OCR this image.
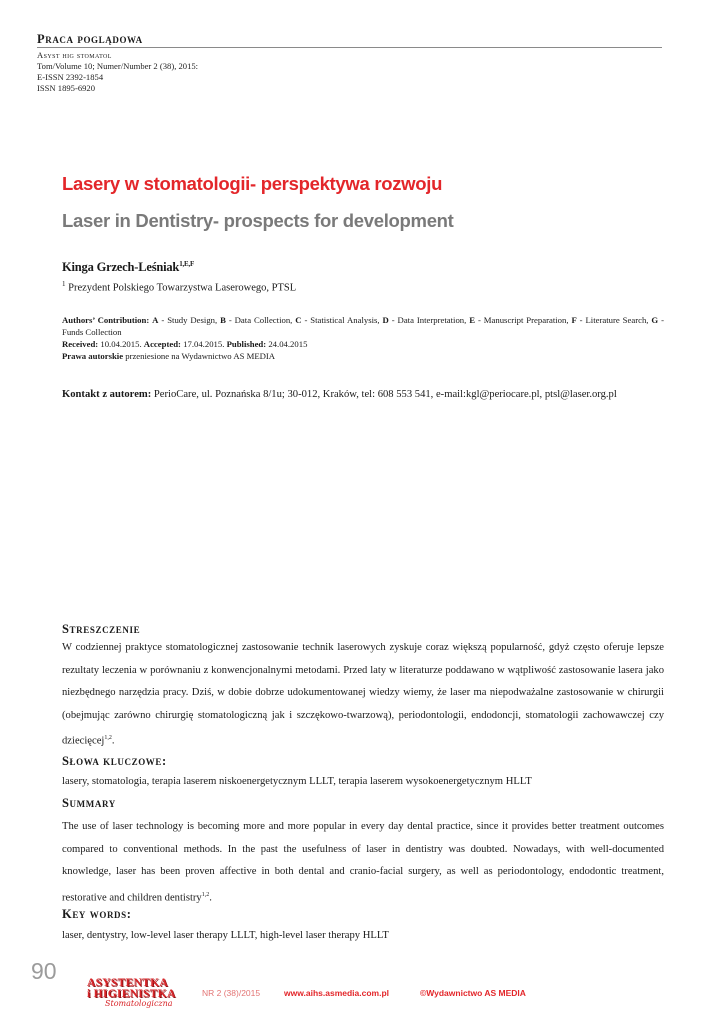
Praca poglądowa
Asyst hig stomatol
Tom/Volume 10; Numer/Number 2 (38), 2015:
E-ISSN 2392-1854
ISSN 1895-6920
Lasery w stomatologii- perspektywa rozwoju
Laser in Dentistry- prospects for development
Kinga Grzech-Leśniak$^{1,E,F}$
$^1$ Prezydent Polskiego Towarzystwa Laserowego, PTSL
Authors’ Contribution: A - Study Design, B - Data Collection, C - Statistical Analysis, D - Data Interpretation, E - Manuscript Preparation, F - Literature Search, G - Funds Collection
Received: 10.04.2015. Accepted: 17.04.2015. Published: 24.04.2015
Prawa autorskie przeniesione na Wydawnictwo AS MEDIA
Kontakt z autorem: PerioCare, ul. Poznańska 8/1u; 30-012, Kraków, tel: 608 553 541, e-mail:kgl@periocare.pl, ptsl@laser.org.pl
Streszczenie
W codziennej praktyce stomatologicznej zastosowanie technik laserowych zyskuje coraz większą popularność, gdyż często oferuje lepsze rezultaty leczenia w porównaniu z konwencjonalnymi metodami. Przed laty w literaturze poddawano w wątpliwość zastosowanie lasera jako niezbędnego narzędzia pracy. Dziś, w dobie dobrze udokumentowanej wiedzy wiemy, że laser ma niepodważalne zastosowanie w chirurgii (obejmując zarówno chirurgię stomatologiczną jak i szczękowo-twarzową), periodontologii, endodoncji, stomatologii zachowawczej czy dziecięcej$^{1,2}$.
Słowa kluczowe:
lasery, stomatologia, terapia laserem niskoenergetycznym LLLT, terapia laserem wysokoenergetycznym HLLT
Summary
The use of laser technology is becoming more and more popular in every day dental practice, since it provides better treatment outcomes compared to conventional methods. In the past the usefulness of laser in dentistry was doubted. Nowadays, with well-documented knowledge, laser has been proven affective in both dental and cranio-facial surgery, as well as periodontology, endodontic treatment, restorative and children dentistry$^{1,2}$.
Key words:
laser, dentystry, low-level laser therapy LLLT, high-level laser therapy HLLT
90	ASYSTENTKA
i HIGIENISTKA
Stomatologiczna
NR 2 (38)/2015	www.aihs.asmedia.com.pl	©Wydawnictwo AS MEDIA
